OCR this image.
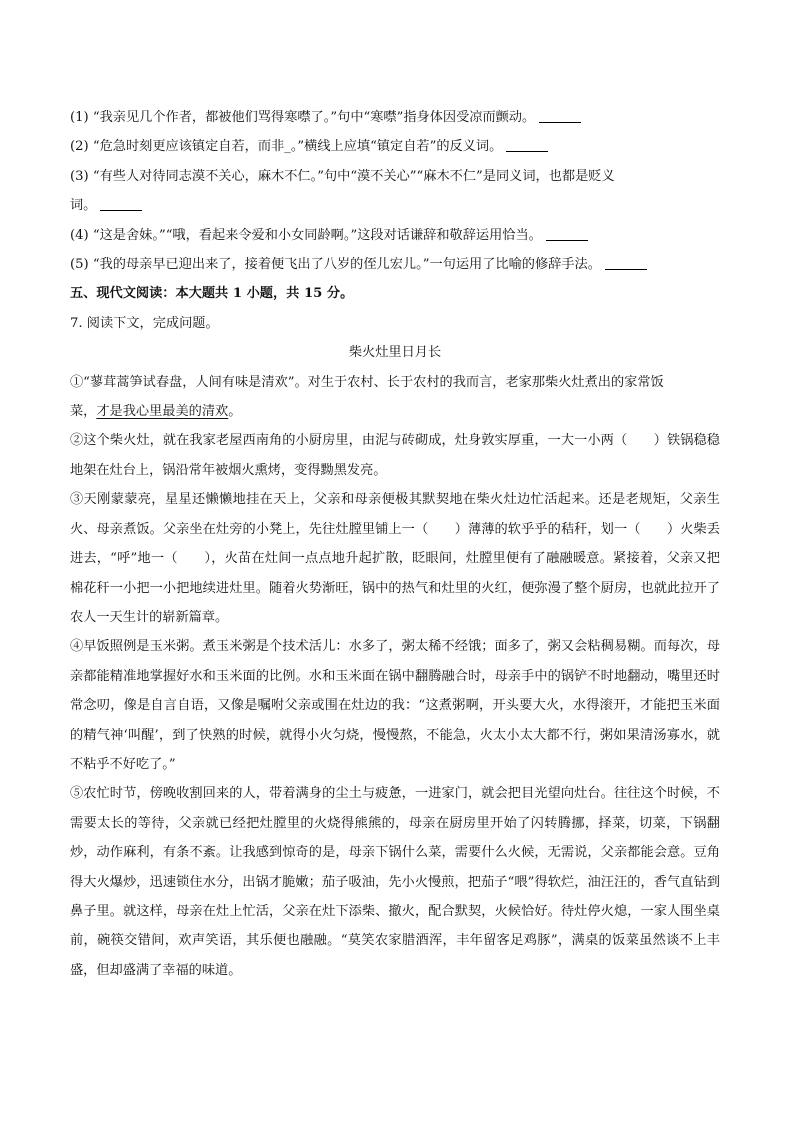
(1) “我亲见几个作者，都被他们骂得寒噤了。”句中“寒噤”指身体因受凉而颤动。

(2) “危急时刻更应该镇定自若，而非_。”横线上应填“镇定自若”的反义词。

(3) “有些人对待同志漠不关心，麻木不仁。”句中“漠不关心”“麻木不仁”是同义词，也都是贬义

词。

(4) “这是舍妹。”“哦，看起来令爱和小女同龄啊。”这段对话谦辞和敬辞运用恰当。

(5) “我的母亲早已迎出来了，接着便飞出了八岁的侄儿宏儿。”一句运用了比喻的修辞手法。

五、现代文阅读：本大题共 1 小题，共 15 分。

7. 阅读下文，完成问题。

柴火灶里日月长

①“蓼茸蒿笋试春盘，人间有味是清欢”。对生于农村、长于农村的我而言，老家那柴火灶煮出的家常饭
菜，才是我心里最美的清欢。

②这个柴火灶，就在我家老屋西南角的小厨房里，由泥与砖砌成，灶身敦实厚重，一大一小两（　　）铁锅稳稳地架在灶台上，锅沿常年被烟火熏烤，变得黝黑发亮。

③天刚蒙蒙亮，星星还懒懒地挂在天上，父亲和母亲便极其默契地在柴火灶边忙活起来。还是老规矩，父亲生火、母亲煮饭。父亲坐在灶旁的小凳上，先往灶膛里铺上一（　　）薄薄的软乎乎的秸秆，划一（　　）火柴丢进去，“呼”地一（　　），火苗在灶间一点点地升起扩散，眨眼间，灶膛里便有了融融暖意。紧接着，父亲又把棉花秆一小把一小把地续进灶里。随着火势渐旺，锅中的热气和灶里的火红，便弥漫了整个厨房，也就此拉开了农人一天生计的崭新篇章。

④早饭照例是玉米粥。煮玉米粥是个技术活儿：水多了，粥太稀不经饿；面多了，粥又会粘稠易糊。而每次，母亲都能精准地掌握好水和玉米面的比例。水和玉米面在锅中翻腾融合时，母亲手中的锅铲不时地翻动，嘴里还时常念叨，像是自言自语，又像是嘱咐父亲或围在灶边的我：“这煮粥啊，开头要大火，水得滚开，才能把玉米面的精气神‘叫醒’，到了快熟的时候，就得小火匀烧，慢慢熬，不能急，火太小太大都不行，粥如果清汤寡水，就不粘乎不好吃了。”

⑤农忙时节，傍晚收割回来的人，带着满身的尘土与疲惫，一进家门，就会把目光望向灶台。往往这个时候，不需要太长的等待，父亲就已经把灶膛里的火烧得熊熊的，母亲在厨房里开始了闪转腾挪，择菜，切菜，下锅翻炒，动作麻利，有条不紊。让我感到惊奇的是，母亲下锅什么菜，需要什么火候，无需说，父亲都能会意。豆角得大火爆炒，迅速锁住水分，出锅才脆嫩；茄子吸油，先小火慢煎，把茄子“喂”得软烂，油汪汪的，香气直钻到鼻子里。就这样，母亲在灶上忙活，父亲在灶下添柴、撤火，配合默契，火候恰好。待灶停火熄，一家人围坐桌前，碗筷交错间，欢声笑语，其乐便也融融。“莫笑农家腊酒浑，丰年留客足鸡豚”，满桌的饭菜虽然谈不上丰盛，但却盛满了幸福的味道。
